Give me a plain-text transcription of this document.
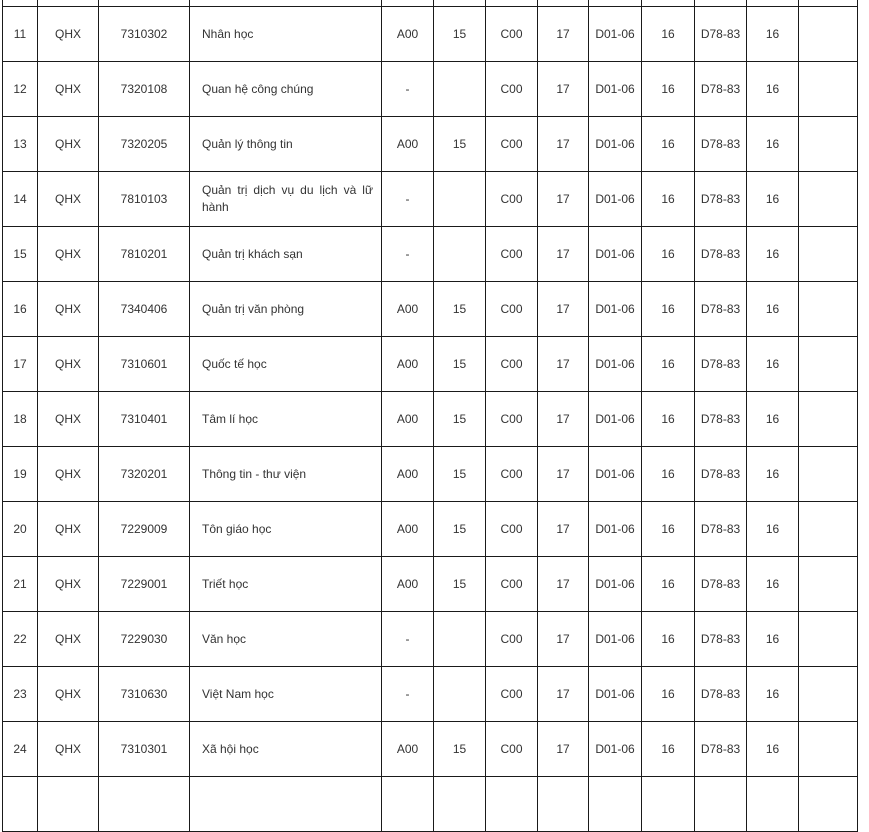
11	QHX	7310302	Nhân học	A00	15	C00	17	D01-06	16	D78-83	16	
12	QHX	7320108	Quan hệ công chúng	-		C00	17	D01-06	16	D78-83	16	
13	QHX	7320205	Quản lý thông tin	A00	15	C00	17	D01-06	16	D78-83	16	
14	QHX	7810103	Quản trị dịch vụ du lịch và lữ hành	-		C00	17	D01-06	16	D78-83	16	
15	QHX	7810201	Quản trị khách sạn	-		C00	17	D01-06	16	D78-83	16	
16	QHX	7340406	Quản trị văn phòng	A00	15	C00	17	D01-06	16	D78-83	16	
17	QHX	7310601	Quốc tế học	A00	15	C00	17	D01-06	16	D78-83	16	
18	QHX	7310401	Tâm lí học	A00	15	C00	17	D01-06	16	D78-83	16	
19	QHX	7320201	Thông tin - thư viện	A00	15	C00	17	D01-06	16	D78-83	16	
20	QHX	7229009	Tôn giáo học	A00	15	C00	17	D01-06	16	D78-83	16	
21	QHX	7229001	Triết học	A00	15	C00	17	D01-06	16	D78-83	16	
22	QHX	7229030	Văn học	-		C00	17	D01-06	16	D78-83	16	
23	QHX	7310630	Việt Nam học	-		C00	17	D01-06	16	D78-83	16	
24	QHX	7310301	Xã hội học	A00	15	C00	17	D01-06	16	D78-83	16	
